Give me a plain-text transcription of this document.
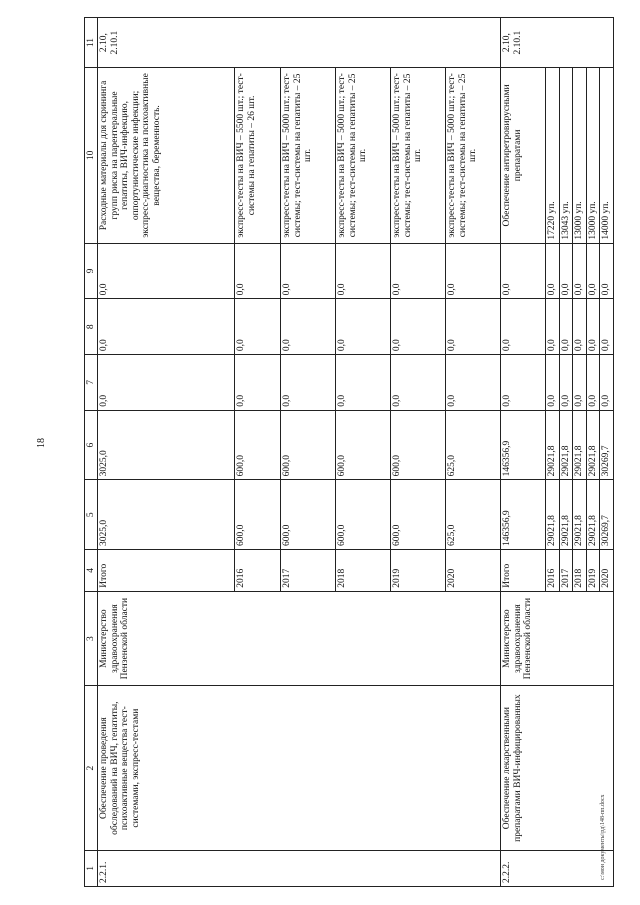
18
c:\мои документы\рд\148-пп.docx
1	2	3	4	5	6	7	8	9	10	11
2.2.1.	Обеспечение проведения обследований на ВИЧ, гепатиты, психоактивные вещества тест-системами, экспресс-тестами	Министерство здравоохранения Пензенской области	Итого	3025,0	3025,0	0,0	0,0	0,0	Расходные материалы для скрининга групп риска на парентеральные гепатиты, ВИЧ-инфекцию, оппортунистические инфекции; экспресс-диагностика на психоактивные вещества, беременность.	2.10, 2.10.1
			2016	600,0	600,0	0,0	0,0	0,0	экспресс-тесты на ВИЧ – 5500 шт.; тест-системы на гепатиты – 26 шт.	
			2017	600,0	600,0	0,0	0,0	0,0	экспресс-тесты на ВИЧ – 5000 шт.; тест-системы; тест-системы на гепатиты – 25 шт.	
			2018	600,0	600,0	0,0	0,0	0,0	экспресс-тесты на ВИЧ – 5000 шт.; тест-системы; тест-системы на гепатиты – 25 шт.	
			2019	600,0	600,0	0,0	0,0	0,0	экспресс-тесты на ВИЧ – 5000 шт.; тест-системы; тест-системы на гепатиты – 25 шт.	
			2020	625,0	625,0	0,0	0,0	0,0	экспресс-тесты на ВИЧ – 5000 шт.; тест-системы; тест-системы на гепатиты – 25 шт.	
2.2.2.	Обеспечение лекарственными препаратами ВИЧ-инфицированных	Министерство здравоохранения Пензенской области	Итого	146356,9	146356,9	0,0	0,0	0,0	Обеспечение антиретровирусными препаратами	2.10, 2.10.1
			2016	29021,8	29021,8	0,0	0,0	0,0	17220 уп.	
			2017	29021,8	29021,8	0,0	0,0	0,0	13043 уп.	
			2018	29021,8	29021,8	0,0	0,0	0,0	13000 уп.	
			2019	29021,8	29021,8	0,0	0,0	0,0	13000 уп.	
			2020	30269,7	30269,7	0,0	0,0	0,0	14000 уп.	
